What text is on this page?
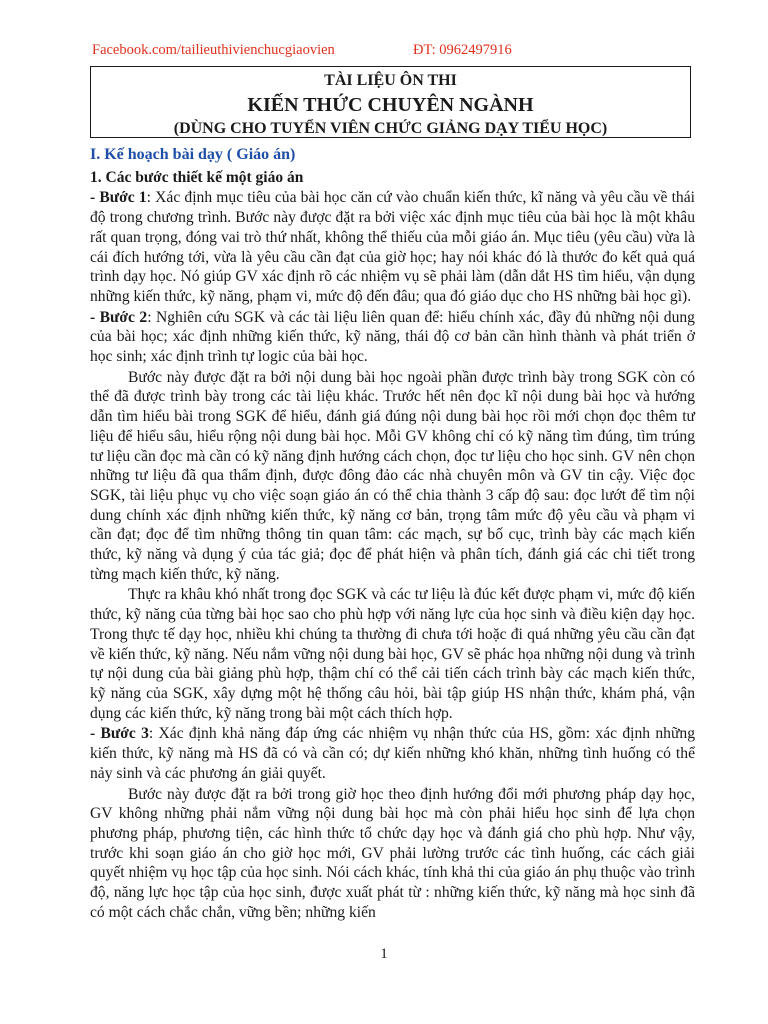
Facebook.com/tailieuthivienchucgiaovien	ĐT: 0962497916
TÀI LIỆU ÔN THI
KIẾN THỨC CHUYÊN NGÀNH
(DÙNG CHO TUYỂN VIÊN CHỨC GIẢNG DẠY TIỂU HỌC)

I. Kế hoạch bài dạy ( Giáo án)

1. Các bước thiết kế một giáo án

- Bước 1: Xác định mục tiêu của bài học căn cứ vào chuẩn kiến thức, kĩ năng và yêu cầu về thái độ trong chương trình. Bước này được đặt ra bởi việc xác định mục tiêu của bài học là một khâu rất quan trọng, đóng vai trò thứ nhất, không thể thiếu của mỗi giáo án. Mục tiêu (yêu cầu) vừa là cái đích hướng tới, vừa là yêu cầu cần đạt của giờ học; hay nói khác đó là thước đo kết quả quá trình dạy học. Nó giúp GV xác định rõ các nhiệm vụ sẽ phải làm (dẫn dắt HS tìm hiểu, vận dụng những kiến thức, kỹ năng, phạm vi, mức độ đến đâu; qua đó giáo dục cho HS những bài học gì).

- Bước 2: Nghiên cứu SGK và các tài liệu liên quan để: hiểu chính xác, đầy đủ những nội dung của bài học; xác định những kiến thức, kỹ năng, thái độ cơ bản cần hình thành và phát triển ở học sinh; xác định trình tự logic của bài học.

Bước này được đặt ra bởi nội dung bài học ngoài phần được trình bày trong SGK còn có thể đã được trình bày trong các tài liệu khác. Trước hết nên đọc kĩ nội dung bài học và hướng dẫn tìm hiểu bài trong SGK để hiểu, đánh giá đúng nội dung bài học rồi mới chọn đọc thêm tư liệu để hiểu sâu, hiểu rộng nội dung bài học. Mỗi GV không chỉ có kỹ năng tìm đúng, tìm trúng tư liệu cần đọc mà cần có kỹ năng định hướng cách chọn, đọc tư liệu cho học sinh. GV nên chọn những tư liệu đã qua thẩm định, được đông đảo các nhà chuyên môn và GV tin cậy. Việc đọc SGK, tài liệu phục vụ cho việc soạn giáo án có thể chia thành 3 cấp độ sau: đọc lướt để tìm nội dung chính xác định những kiến thức, kỹ năng cơ bản, trọng tâm mức độ yêu cầu và phạm vi cần đạt; đọc để tìm những thông tin quan tâm: các mạch, sự bố cục, trình bày các mạch kiến thức, kỹ năng và dụng ý của tác giả; đọc để phát hiện và phân tích, đánh giá các chi tiết trong từng mạch kiến thức, kỹ năng.

Thực ra khâu khó nhất trong đọc SGK và các tư liệu là đúc kết được phạm vi, mức độ kiến thức, kỹ năng của từng bài học sao cho phù hợp với năng lực của học sinh và điều kiện dạy học. Trong thực tế dạy học, nhiều khi chúng ta thường đi chưa tới hoặc đi quá những yêu cầu cần đạt về kiến thức, kỹ năng. Nếu nắm vững nội dung bài học, GV sẽ phác họa những nội dung và trình tự nội dung của bài giảng phù hợp, thậm chí có thể cải tiến cách trình bày các mạch kiến thức, kỹ năng của SGK, xây dựng một hệ thống câu hỏi, bài tập giúp HS nhận thức, khám phá, vận dụng các kiến thức, kỹ năng trong bài một cách thích hợp.

- Bước 3: Xác định khả năng đáp ứng các nhiệm vụ nhận thức của HS, gồm: xác định những kiến thức, kỹ năng mà HS đã có và cần có; dự kiến những khó khăn, những tình huống có thể nảy sinh và các phương án giải quyết.

Bước này được đặt ra bởi trong giờ học theo định hướng đổi mới phương pháp dạy học, GV không những phải nắm vững nội dung bài học mà còn phải hiểu học sinh để lựa chọn phương pháp, phương tiện, các hình thức tổ chức dạy học và đánh giá cho phù hợp. Như vậy, trước khi soạn giáo án cho giờ học mới, GV phải lường trước các tình huống, các cách giải quyết nhiệm vụ học tập của học sinh. Nói cách khác, tính khả thi của giáo án phụ thuộc vào trình độ, năng lực học tập của học sinh, được xuất phát từ : những kiến thức, kỹ năng mà học sinh đã có một cách chắc chắn, vững bền; những kiến

1
